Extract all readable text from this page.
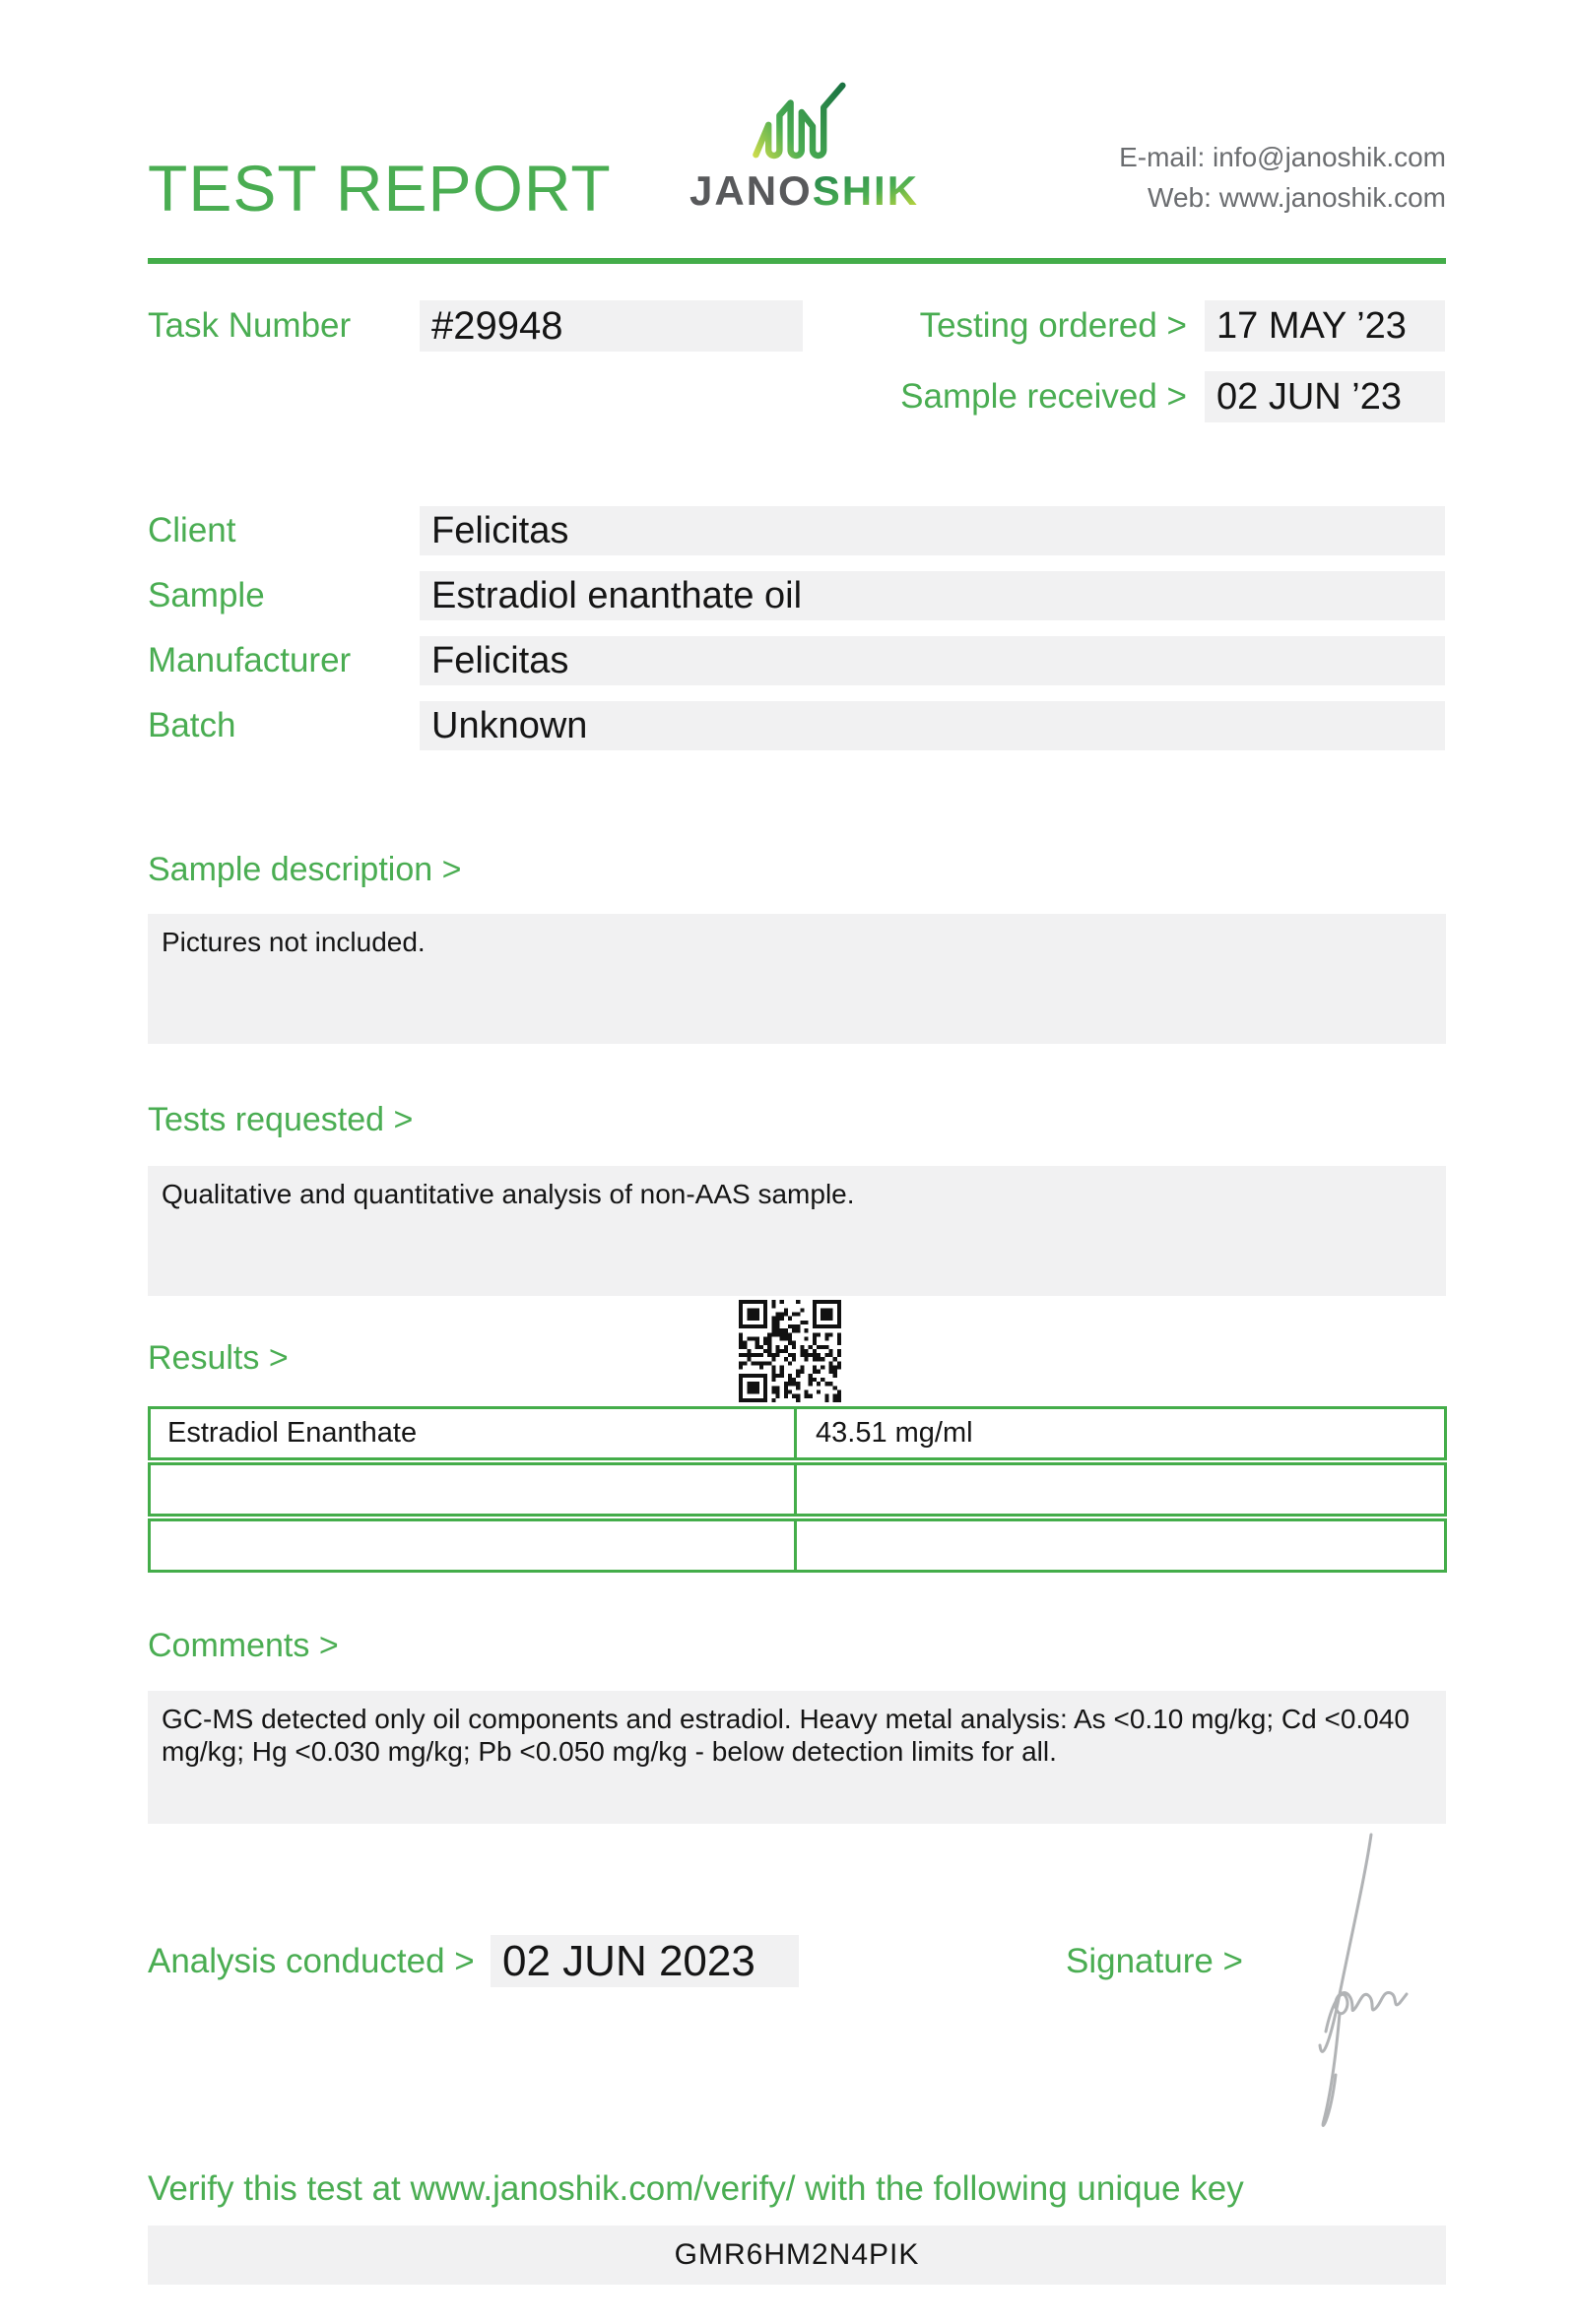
TEST REPORT JANOSHIK
E-mail: info@janoshik.com
Web: www.janoshik.com
Task Number	#29948	Testing ordered > 17 MAY ’23
Sample received > 02 JUN ’23
Client	Felicitas
Sample	Estradiol enanthate oil
Manufacturer	Felicitas
Batch	Unknown
Sample description >
Pictures not included.
Tests requested >
Qualitative and quantitative analysis of non-AAS sample.
Results >
Estradiol Enanthate	43.51 mg/ml
Comments >
GC-MS detected only oil components and estradiol. Heavy metal analysis: As <0.10 mg/kg; Cd <0.040 mg/kg; Hg <0.030 mg/kg; Pb <0.050 mg/kg - below detection limits for all.
Analysis conducted > 02 JUN 2023	Signature >
Verify this test at www.janoshik.com/verify/ with the following unique key
GMR6HM2N4PIK
